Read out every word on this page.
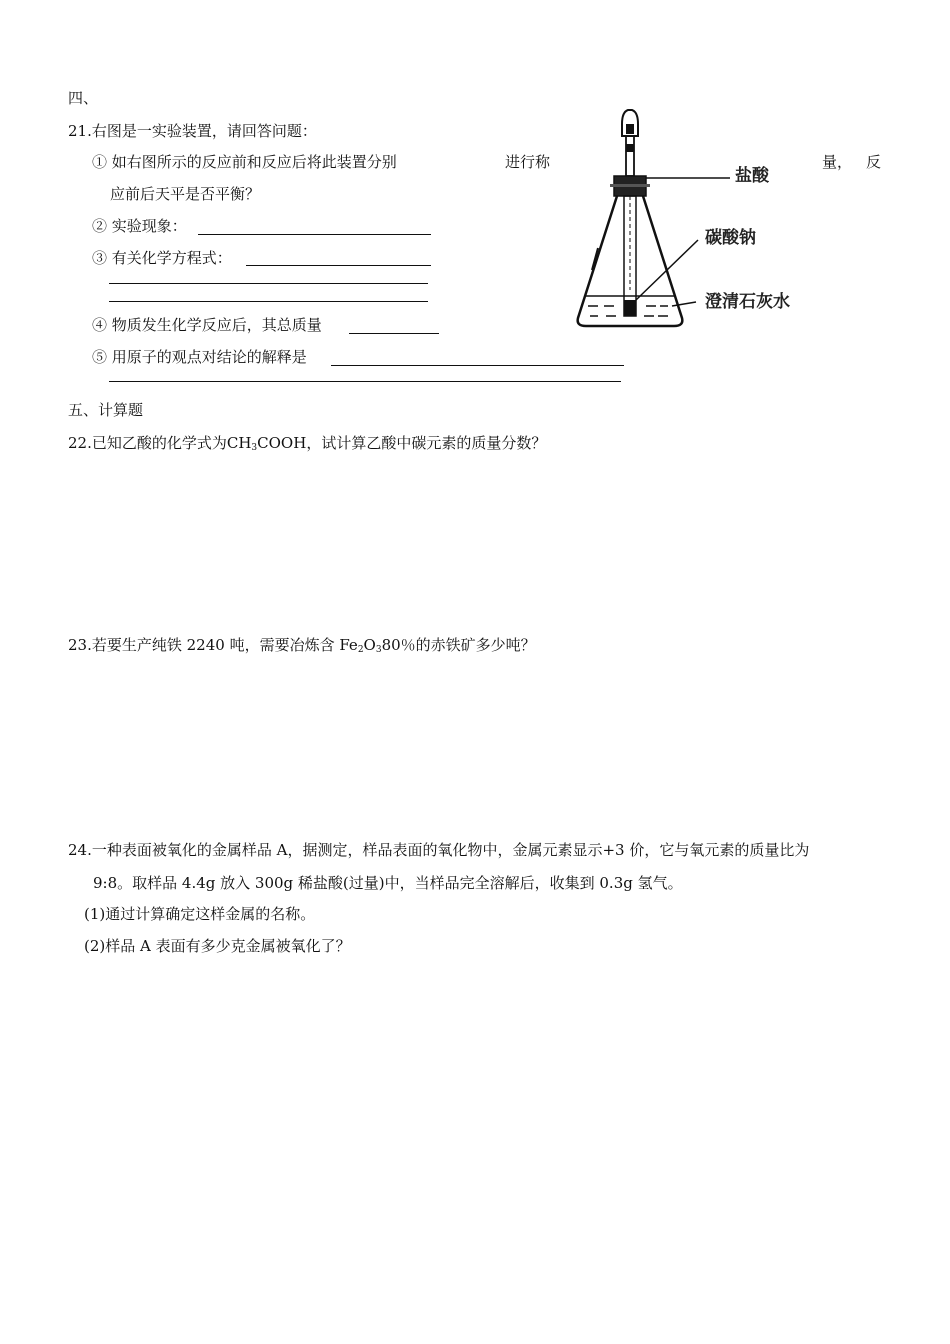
四、
21.右图是一实验装置，请回答问题：
① 如右图所示的反应前和反应后将此装置分别	进行称	量， 反
应前后天平是否平衡？
② 实验现象：
③ 有关化学方程式：
④ 物质发生化学反应后，其总质量
⑤ 用原子的观点对结论的解释是
盐酸
碳酸钠
澄清石灰水
五、计算题
22.已知乙酸的化学式为$CH_3COOH$，试计算乙酸中碳元素的质量分数？
23.若要生产纯铁 2240 吨，需要冶炼含 $Fe_2O_380$％的赤铁矿多少吨？
24.一种表面被氧化的金属样品 A，据测定，样品表面的氧化物中，金属元素显示+3 价，它与氧元素的质量比为
9:8。取样品 4.4g 放入 300g 稀盐酸(过量)中，当样品完全溶解后，收集到 0.3g 氢气。
(1)通过计算确定这样金属的名称。
(2)样品 A 表面有多少克金属被氧化了？
